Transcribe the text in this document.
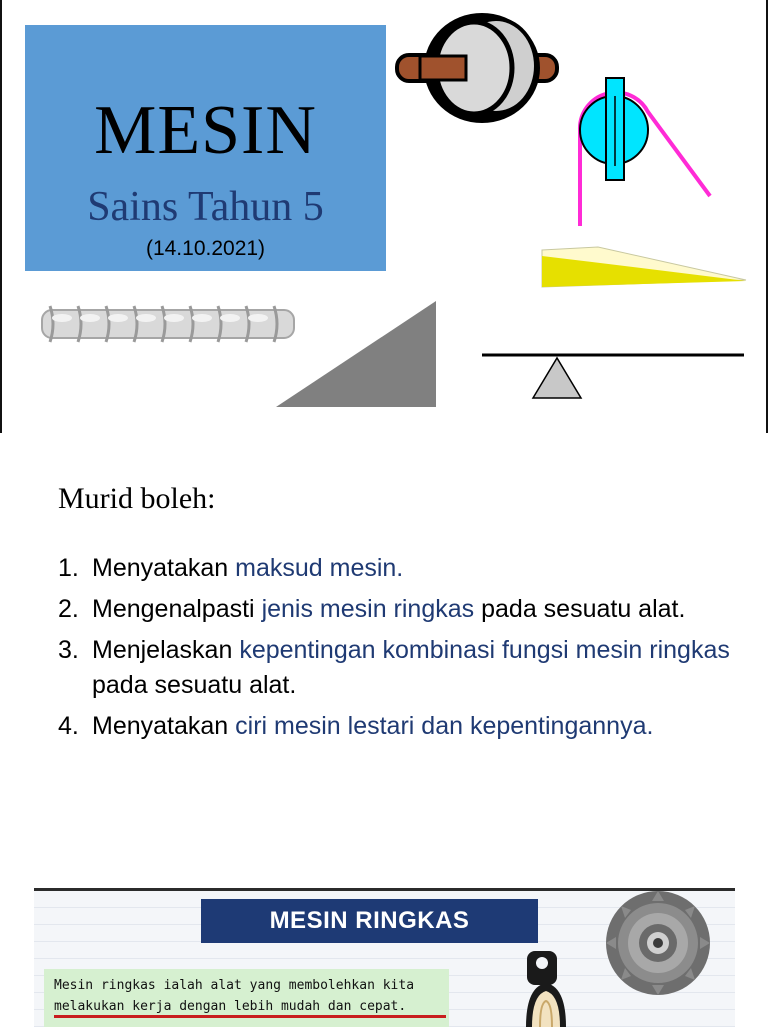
MESIN
Sains Tahun 5
(14.10.2021)
Murid boleh:
1. Menyatakan maksud mesin.
2. Mengenalpasti jenis mesin ringkas pada sesuatu alat.
3. Menjelaskan kepentingan kombinasi fungsi mesin ringkas pada sesuatu alat.
4. Menyatakan ciri mesin lestari dan kepentingannya.
MESIN RINGKAS
Mesin ringkas ialah alat yang membolehkan kita
melakukan kerja dengan lebih mudah dan cepat.
